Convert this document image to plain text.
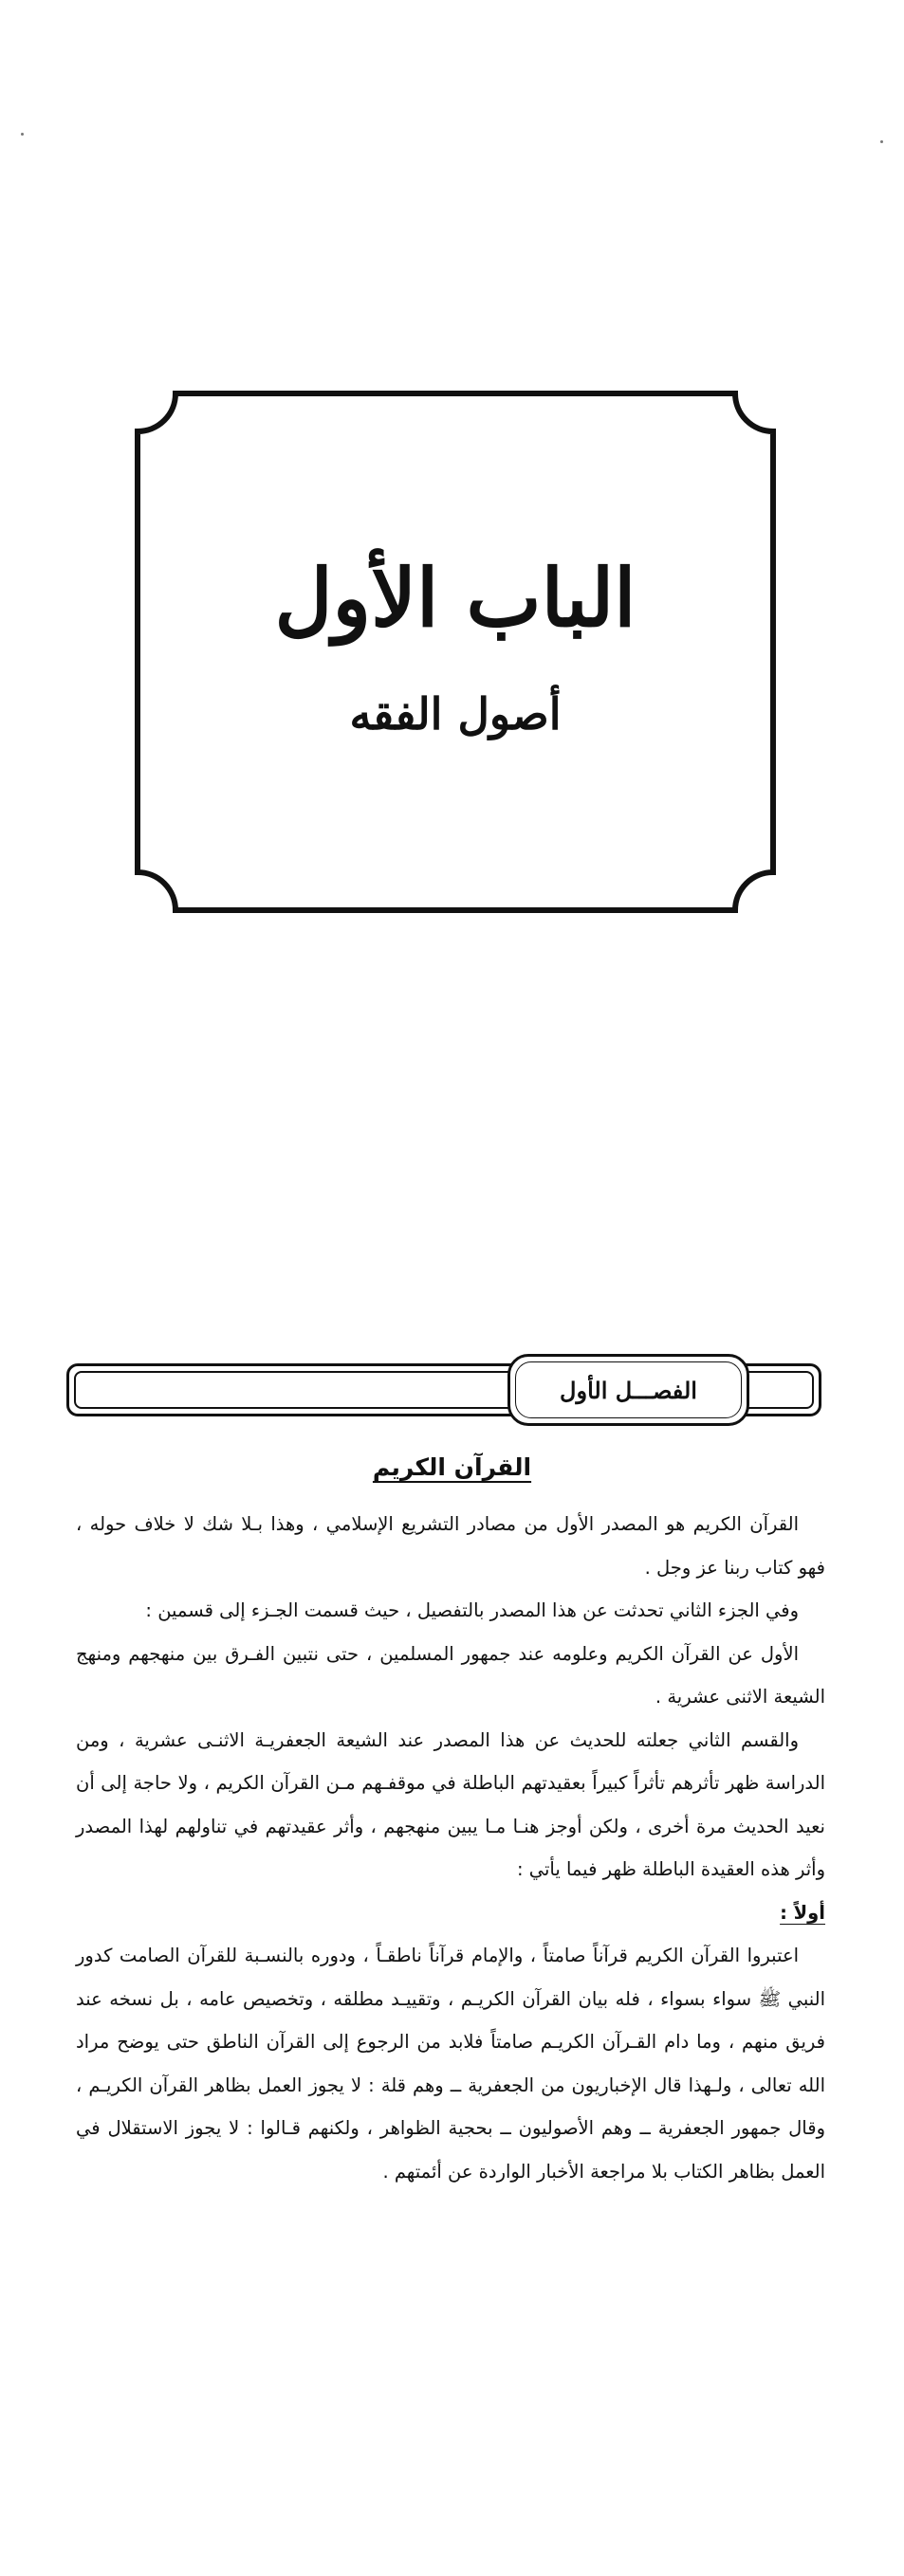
الباب الأول
أصول الفقه
الفصـــل الأول
القرآن الكريم

القرآن الكريم هو المصدر الأول من مصادر التشريع الإسلامي ، وهذا بـلا شك لا خلاف حوله ، فهو كتاب ربنا عز وجل .

وفي الجزء الثاني تحدثت عن هذا المصدر بالتفصيل ، حيث قسمت الجـزء إلى قسمين :

الأول عن القرآن الكريم وعلومه عند جمهور المسلمين ، حتى نتبين الفـرق بين منهجهم ومنهج الشيعة الاثنى عشرية .

والقسم الثاني جعلته للحديث عن هذا المصدر عند الشيعة الجعفريـة الاثنـى عشرية ، ومن الدراسة ظهر تأثرهم تأثراً كبيراً بعقيدتهم الباطلة في موقفـهم مـن القرآن الكريم ، ولا حاجة إلى أن نعيد الحديث مرة أخرى ، ولكن أوجز هنـا مـا يبين منهجهم ، وأثر عقيدتهم في تناولهم لهذا المصدر وأثر هذه العقيدة الباطلة ظهر فيما يأتي :

أولاً :

اعتبروا القرآن الكريم قرآناً صامتاً ، والإمام قرآناً ناطقـاً ، ودوره بالنسـبة للقرآن الصامت كدور النبي ﷺ سواء بسواء ، فله بيان القرآن الكريـم ، وتقييـد مطلقه ، وتخصيص عامه ، بل نسخه عند فريق منهم ، وما دام القـرآن الكريـم صامتاً فلابد من الرجوع إلى القرآن الناطق حتى يوضح مراد الله تعالى ، ولـهذا قال الإخباريون من الجعفرية ــ وهم قلة : لا يجوز العمل بظاهر القرآن الكريـم ، وقال جمهور الجعفرية ــ وهم الأصوليون ــ بحجية الظواهر ، ولكنهم قـالوا : لا يجوز الاستقلال في العمل بظاهر الكتاب بلا مراجعة الأخبار الواردة عن أئمتهم .
